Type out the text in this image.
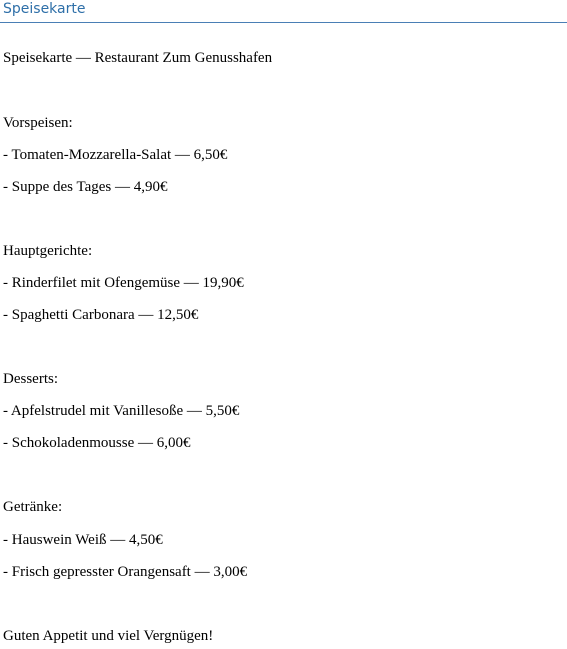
Speisekarte
Speisekarte — Restaurant Zum Genusshafen
Vorspeisen:
- Tomaten-Mozzarella-Salat — 6,50€
- Suppe des Tages — 4,90€
Hauptgerichte:
- Rinderfilet mit Ofengemüse — 19,90€
- Spaghetti Carbonara — 12,50€
Desserts:
- Apfelstrudel mit Vanillesoße — 5,50€
- Schokoladenmousse — 6,00€
Getränke:
- Hauswein Weiß — 4,50€
- Frisch gepresster Orangensaft — 3,00€
Guten Appetit und viel Vergnügen!
